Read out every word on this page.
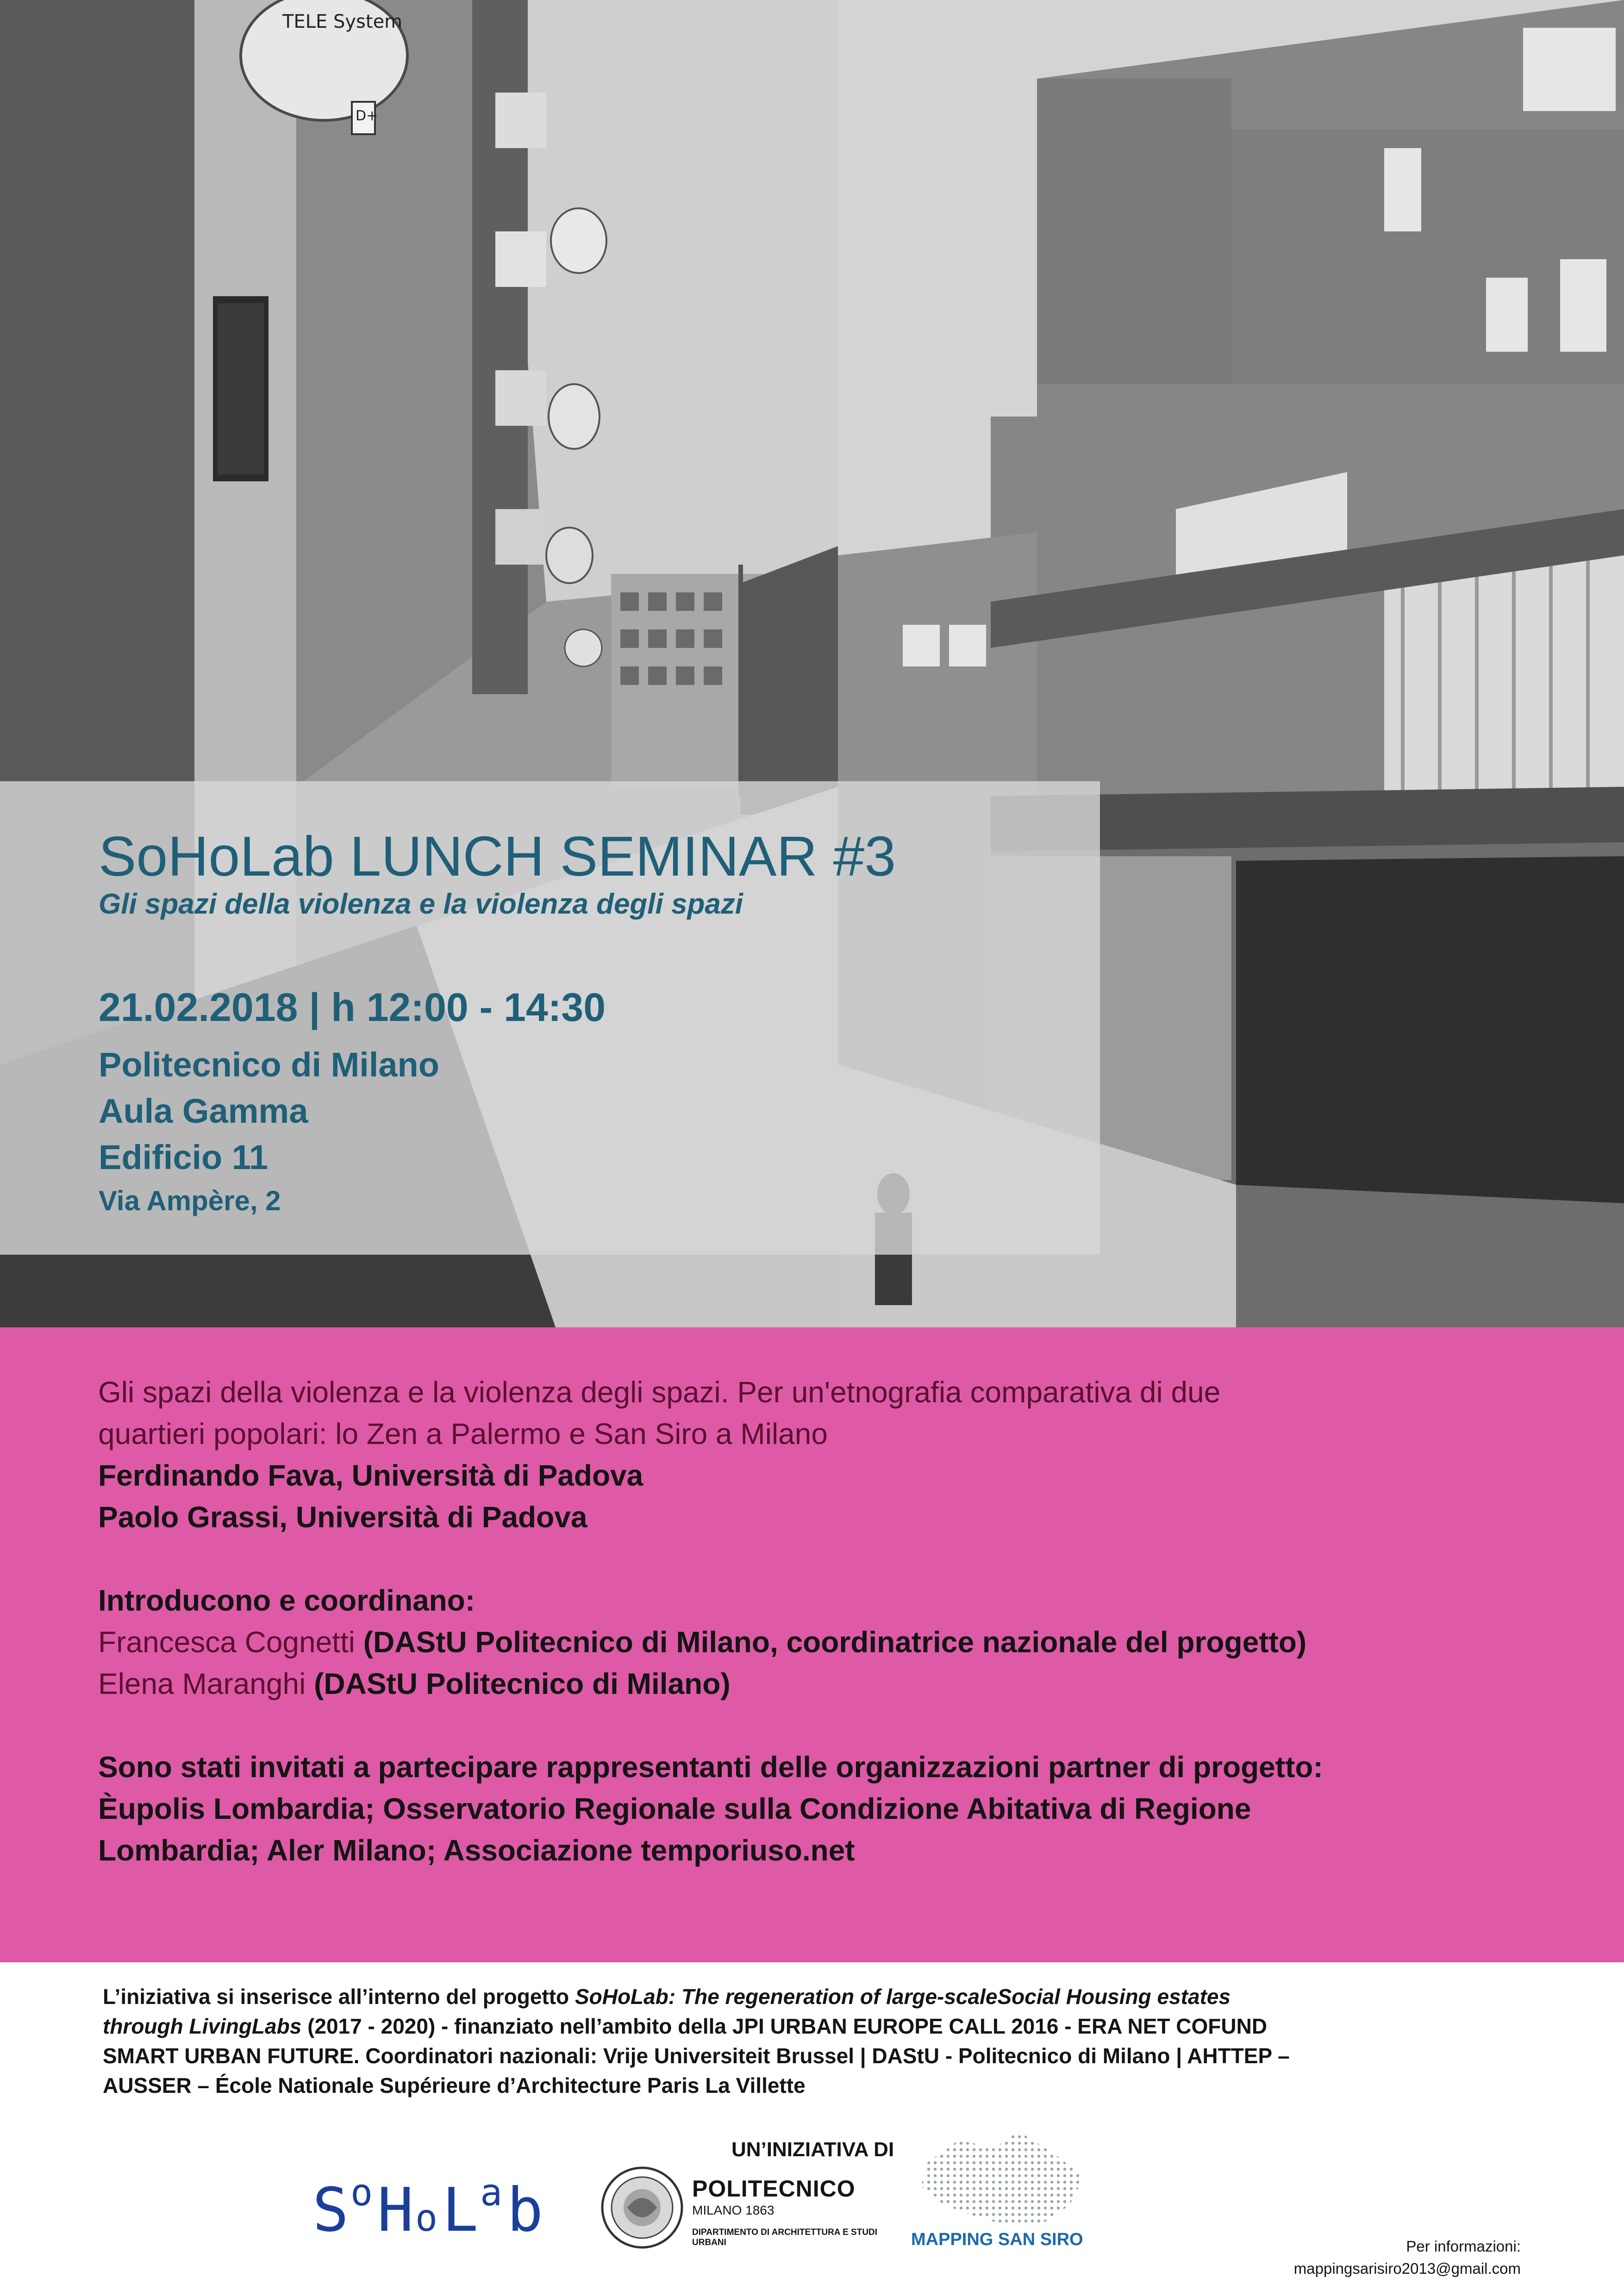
TELE System
D+
SoHoLab LUNCH SEMINAR #3
Gli spazi della violenza e la violenza degli spazi
21.02.2018 | h 12:00 - 14:30
Politecnico di Milano
Aula Gamma
Edificio 11
Via Ampère, 2
Gli spazi della violenza e la violenza degli spazi. Per un'etnografia comparativa di due
quartieri popolari: lo Zen a Palermo e San Siro a Milano
Ferdinando Fava, Università di Padova
Paolo Grassi, Università di Padova
Introducono e coordinano:
Francesca Cognetti (DAStU Politecnico di Milano, coordinatrice nazionale del progetto)
Elena Maranghi (DAStU Politecnico di Milano)
Sono stati invitati a partecipare rappresentanti delle organizzazioni partner di progetto:
Èupolis Lombardia; Osservatorio Regionale sulla Condizione Abitativa di Regione
Lombardia; Aler Milano; Associazione temporiuso.net
L’iniziativa si inserisce all’interno del progetto SoHoLab: The regeneration of large-scaleSocial Housing estates
through LivingLabs (2017 - 2020) - finanziato nell’ambito della JPI URBAN EUROPE CALL 2016 - ERA NET COFUND
SMART URBAN FUTURE. Coordinatori nazionali: Vrije Universiteit Brussel | DAStU - Politecnico di Milano | AHTTEP –
AUSSER – École Nationale Supérieure d’Architecture Paris La Villette
UN’INIZIATIVA DI
S o H o L a b	POLITECNICO
MILANO 1863
DIPARTIMENTO DI ARCHITETTURA E STUDI URBANI	MAPPING SAN SIRO	Per informazioni:
mappingsarisiro2013@gmail.com
